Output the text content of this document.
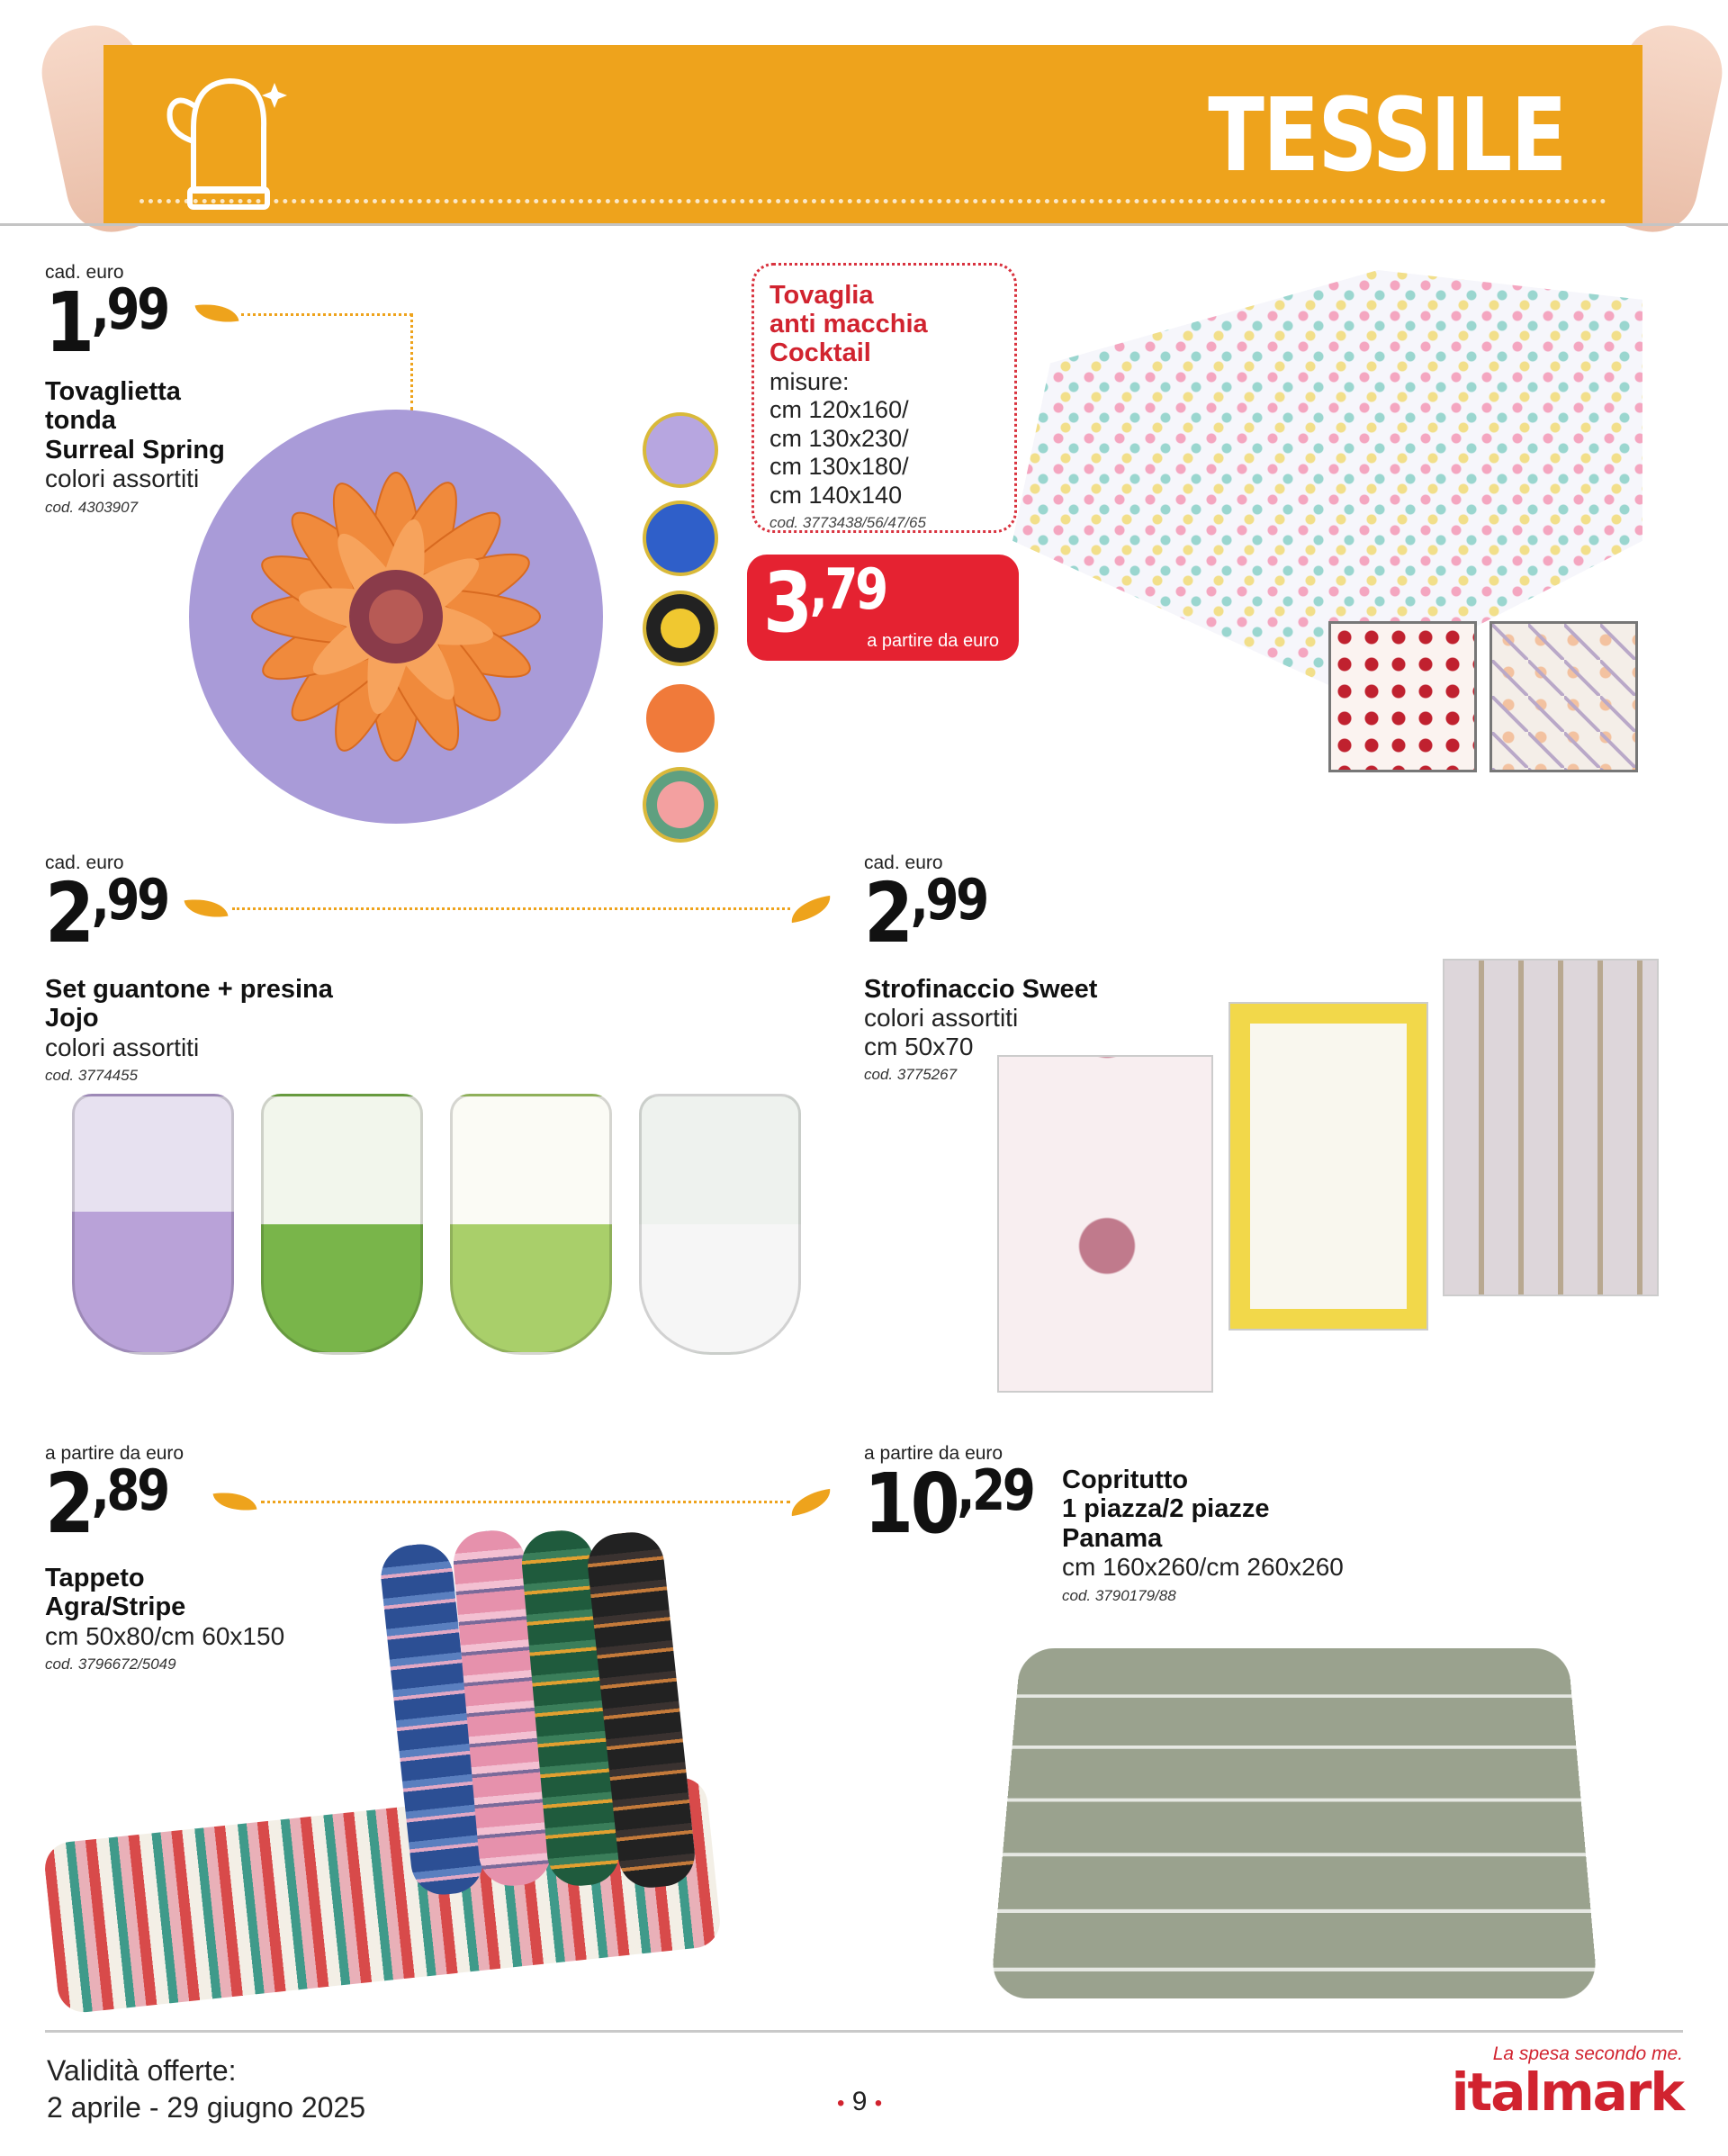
TESSILE
cad. euro
1,99
Tovaglietta
tonda
Surreal Spring
colori assortiti
cod. 4303907
Tovaglia
anti macchia
Cocktail
misure:
cm 120x160/
cm 130x230/
cm 130x180/
cm 140x140
cod. 3773438/56/47/65
3,79
a partire da euro
cad. euro
2,99
Set guantone + presina
Jojo
colori assortiti
cod. 3774455
cad. euro
2,99
Strofinaccio Sweet
colori assortiti
cm 50x70
cod. 3775267
a partire da euro
2,89
Tappeto
Agra/Stripe
cm 50x80/cm 60x150
cod. 3796672/5049
a partire da euro
10,29 Copritutto
1 piazza/2 piazze
Panama
cm 160x260/cm 260x260
cod. 3790179/88
Validità offerte:
2 aprile - 29 giugno 2025	• 9 •
La spesa secondo me.
italmark
